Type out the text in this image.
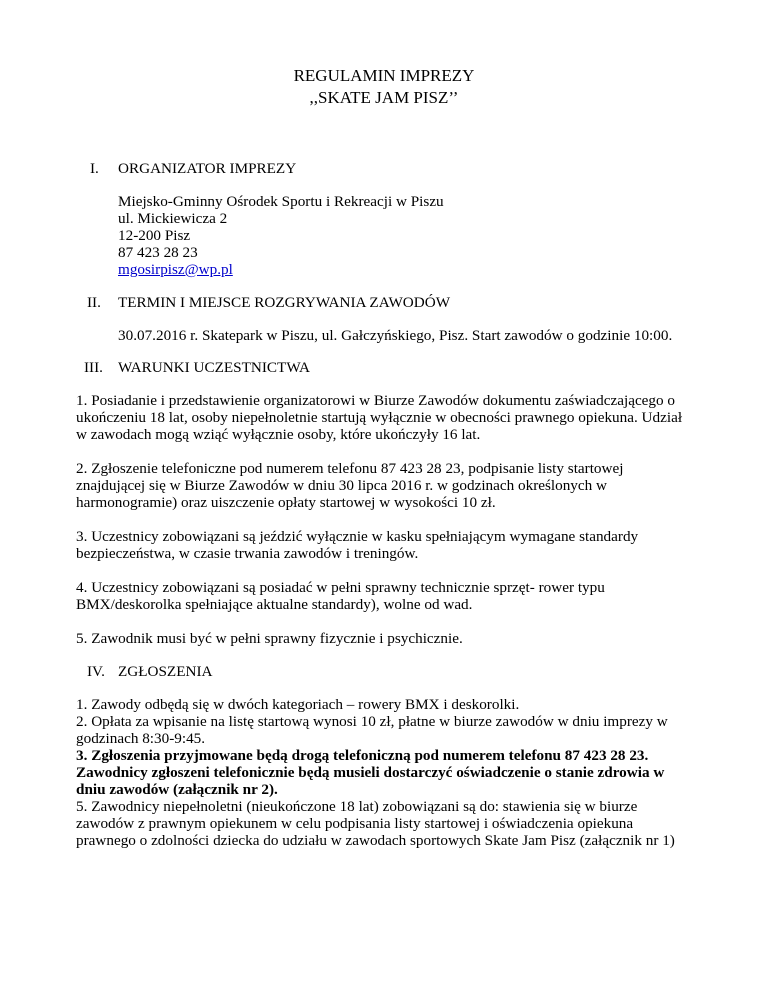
REGULAMIN IMPREZY
,,SKATE JAM PISZ’’
I. ORGANIZATOR IMPREZY
Miejsko-Gminny Ośrodek Sportu i Rekreacji w Piszu
ul. Mickiewicza 2
12-200 Pisz
87 423 28 23
mgosirpisz@wp.pl
II. TERMIN I MIEJSCE ROZGRYWANIA ZAWODÓW
30.07.2016 r. Skatepark w Piszu, ul. Gałczyńskiego, Pisz. Start zawodów o godzinie 10:00.
III. WARUNKI UCZESTNICTWA
1. Posiadanie i przedstawienie organizatorowi w Biurze Zawodów dokumentu zaświadczającego o
ukończeniu 18 lat, osoby niepełnoletnie startują wyłącznie w obecności prawnego opiekuna. Udział
w zawodach mogą wziąć wyłącznie osoby, które ukończyły 16 lat.
2. Zgłoszenie telefoniczne pod numerem telefonu 87 423 28 23, podpisanie listy startowej
znajdującej się w Biurze Zawodów w dniu 30 lipca 2016 r. w godzinach określonych w
harmonogramie) oraz uiszczenie opłaty startowej w wysokości 10 zł.
3. Uczestnicy zobowiązani są jeździć wyłącznie w kasku spełniającym wymagane standardy
bezpieczeństwa, w czasie trwania zawodów i treningów.
4. Uczestnicy zobowiązani są posiadać w pełni sprawny technicznie sprzęt- rower typu
BMX/deskorolka spełniające aktualne standardy), wolne od wad.
5. Zawodnik musi być w pełni sprawny fizycznie i psychicznie.
IV. ZGŁOSZENIA
1. Zawody odbędą się w dwóch kategoriach – rowery BMX i deskorolki.
2. Opłata za wpisanie na listę startową wynosi 10 zł, płatne w biurze zawodów w dniu imprezy w
godzinach 8:30-9:45.
3. Zgłoszenia przyjmowane będą drogą telefoniczną pod numerem telefonu 87 423 28 23.
Zawodnicy zgłoszeni telefonicznie będą musieli dostarczyć oświadczenie o stanie zdrowia w
dniu zawodów (załącznik nr 2).
5. Zawodnicy niepełnoletni (nieukończone 18 lat) zobowiązani są do: stawienia się w biurze
zawodów z prawnym opiekunem w celu podpisania listy startowej i oświadczenia opiekuna
prawnego o zdolności dziecka do udziału w zawodach sportowych Skate Jam Pisz (załącznik nr 1)
